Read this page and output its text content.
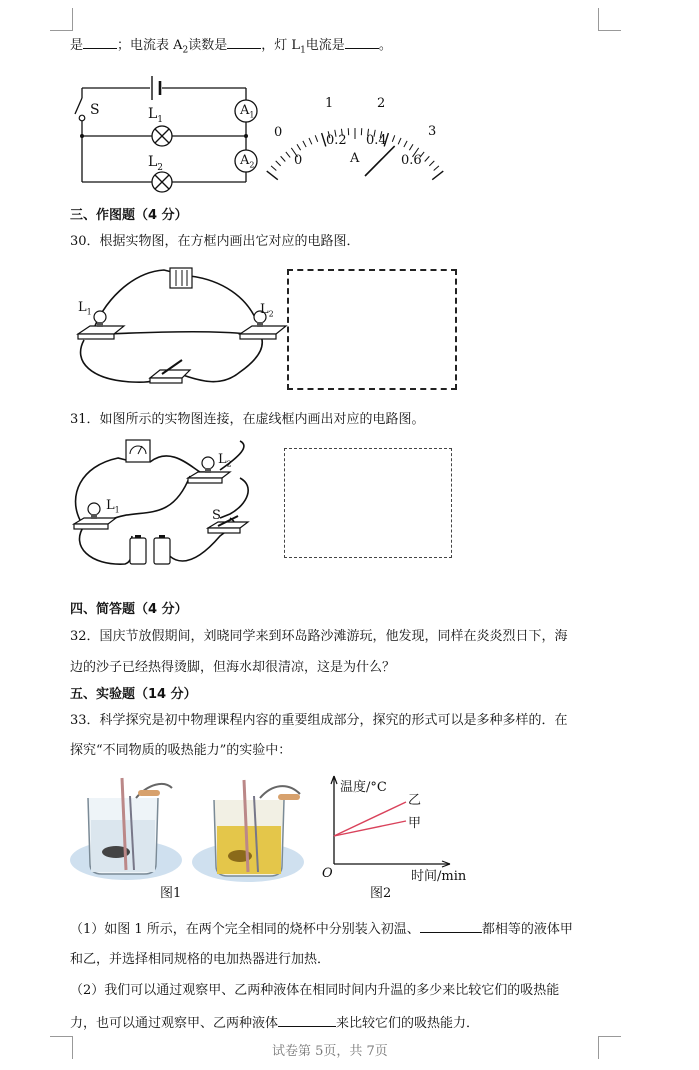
是	；电流表 $A_2$读数是	，灯 $L_1$电流是	。
S	$L_1$
$L_2$
$A_1$
$A_2$
0
1	2
3
0
0.2 0.4
0.6
A
三、作图题（4 分）
30．根据实物图，在方框内画出它对应的电路图．
$L_1$	$L_2$
31．如图所示的实物图连接，在虚线框内画出对应的电路图。
$L_1$
$L_2$
S
四、简答题（4 分）
32．国庆节放假期间，刘晓同学来到环岛路沙滩游玩，他发现，同样在炎炎烈日下，海
边的沙子已经热得烫脚，但海水却很清凉，这是为什么？
五、实验题（14 分）
33．科学探究是初中物理课程内容的重要组成部分，探究的形式可以是多种多样的．在
探究“不同物质的吸热能力”的实验中：
图1
温度/°C
乙
甲
O	时间/min
图2
（1）如图 1 所示，在两个完全相同的烧杯中分别装入初温、	都相等的液体甲
和乙，并选择相同规格的电加热器进行加热．
（2）我们可以通过观察甲、乙两种液体在相同时间内升温的多少来比较它们的吸热能
力，也可以通过观察甲、乙两种液体	来比较它们的吸热能力．
试卷第 5页，共 7页
